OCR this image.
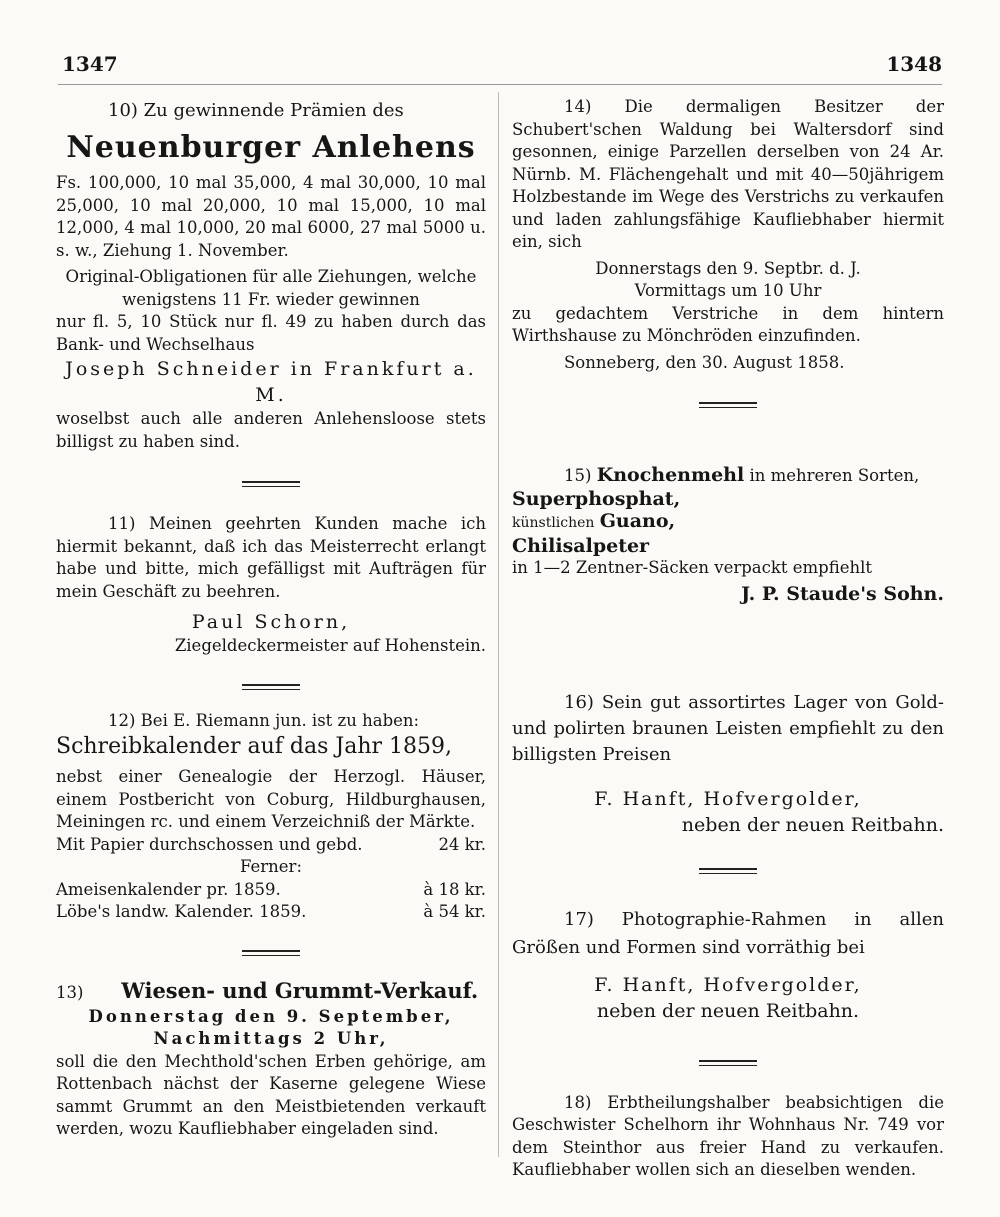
1347	1348

10) Zu gewinnende Prämien des

Neuenburger Anlehens

Fs. 100,000, 10 mal 35,000, 4 mal 30,000, 10 mal 25,000, 10 mal 20,000, 10 mal 15,000, 10 mal 12,000, 4 mal 10,000, 20 mal 6000, 27 mal 5000 u. s. w., Ziehung 1. November.

Original-Obligationen für alle Ziehungen, welche

wenigstens 11 Fr. wieder gewinnen

nur fl. 5, 10 Stück nur fl. 49 zu haben durch das Bank- und Wechselhaus

Joseph Schneider in Frankfurt a. M.

woselbst auch alle anderen Anlehensloose stets billigst zu haben sind.

11) Meinen geehrten Kunden mache ich hiermit bekannt, daß ich das Meisterrecht erlangt habe und bitte, mich gefälligst mit Aufträgen für mein Geschäft zu beehren.

Paul Schorn,

Ziegeldeckermeister auf Hohenstein.

12) Bei E. Riemann jun. ist zu haben:

Schreibkalender auf das Jahr 1859,

nebst einer Genealogie der Herzogl. Häuser, einem Postbericht von Coburg, Hildburghausen, Meiningen rc. und einem Verzeichniß der Märkte.

Mit Papier durchschossen und gebd.	24 kr.

Ferner:

Ameisenkalender pr. 1859.	à 18 kr.
Löbe's landw. Kalender. 1859.	à 54 kr.

13) Wiesen- und Grummt-Verkauf.

Donnerstag den 9. September,

Nachmittags 2 Uhr,

soll die den Mechthold'schen Erben gehörige, am Rottenbach nächst der Kaserne gelegene Wiese sammt Grummt an den Meistbietenden verkauft werden, wozu Kaufliebhaber eingeladen sind.

14) Die dermaligen Besitzer der Schubert'schen Waldung bei Waltersdorf sind gesonnen, einige Parzellen derselben von 24 Ar. Nürnb. M. Flächengehalt und mit 40—50jährigem Holzbestande im Wege des Verstrichs zu verkaufen und laden zahlungsfähige Kaufliebhaber hiermit ein, sich

Donnerstags den 9. Septbr. d. J.

Vormittags um 10 Uhr

zu gedachtem Verstriche in dem hintern Wirthshause zu Mönchröden einzufinden.

Sonneberg, den 30. August 1858.

15) Knochenmehl in mehreren Sorten,

Superphosphat,

künstlichen Guano,

Chilisalpeter

in 1—2 Zentner-Säcken verpackt empfiehlt

J. P. Staude's Sohn.

16) Sein gut assortirtes Lager von Gold- und polirten braunen Leisten empfiehlt zu den billigsten Preisen

F. Hanft, Hofvergolder,

neben der neuen Reitbahn.

17) Photographie-Rahmen in allen Größen und Formen sind vorräthig bei

F. Hanft, Hofvergolder,

neben der neuen Reitbahn.

18) Erbtheilungshalber beabsichtigen die Geschwister Schelhorn ihr Wohnhaus Nr. 749 vor dem Steinthor aus freier Hand zu verkaufen. Kaufliebhaber wollen sich an dieselben wenden.
